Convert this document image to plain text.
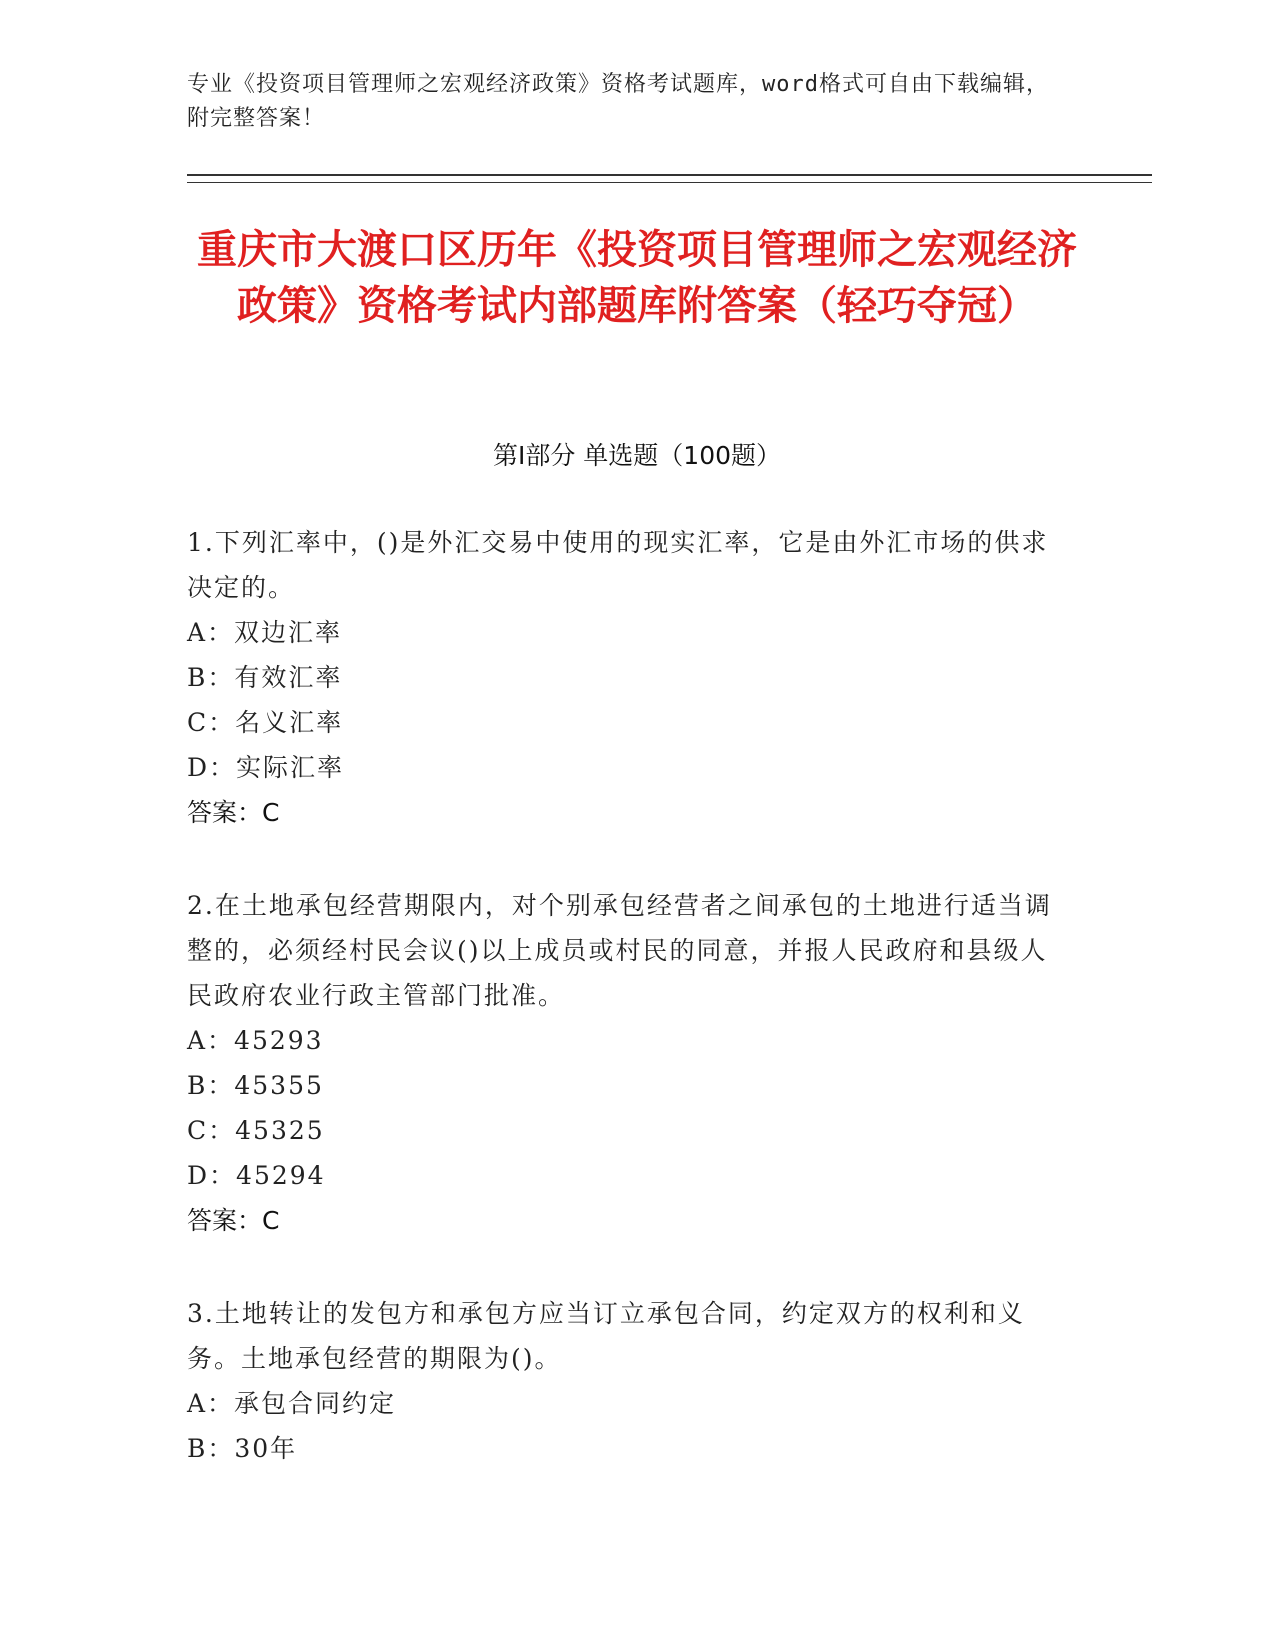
专业《投资项目管理师之宏观经济政策》资格考试题库，word格式可自由下载编辑，附完整答案！
重庆市大渡口区历年《投资项目管理师之宏观经济政策》资格考试内部题库附答案（轻巧夺冠）
第Ⅰ部分 单选题（100题）
1.下列汇率中，()是外汇交易中使用的现实汇率，它是由外汇市场的供求决定的。
A：双边汇率
B：有效汇率
C：名义汇率
D：实际汇率
答案：C
2.在土地承包经营期限内，对个别承包经营者之间承包的土地进行适当调整的，必须经村民会议()以上成员或村民的同意，并报人民政府和县级人民政府农业行政主管部门批准。
A：45293
B：45355
C：45325
D：45294
答案：C
3.土地转让的发包方和承包方应当订立承包合同，约定双方的权利和义务。土地承包经营的期限为()。
A：承包合同约定
B：30年
